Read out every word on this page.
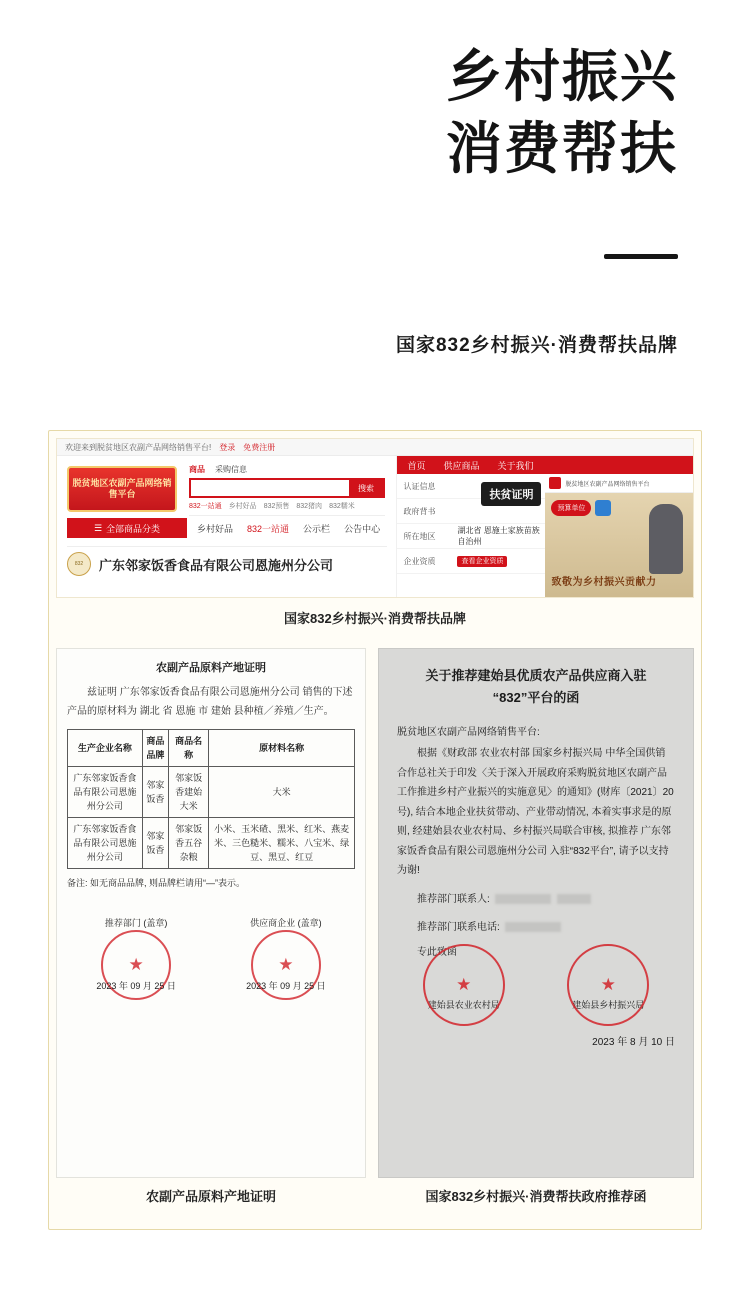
乡村振兴
消费帮扶
国家832乡村振兴·消费帮扶品牌
欢迎来到脱贫地区农副产品网络销售平台! 登录 免费注册
脱贫地区农副产品网络销售平台
商品 采购信息
搜索
832一站通 乡村好品 832预售 832猪肉 832糯米
☰ 全部商品分类	乡村好品 832一站通 公示栏 公告中心
832	广东邻家饭香食品有限公司恩施州分公司
首页 供应商品 关于我们
认证信息
政府背书
所在地区
湖北省 恩施土家族苗族自治州
企业资质	查看企业资质
扶贫证明
脱贫地区农副产品网络销售平台
预算单位
致敬为乡村振兴贡献力
国家832乡村振兴·消费帮扶品牌
农副产品原料产地证明
兹证明 广东邻家饭香食品有限公司恩施州分公司 销售的下述产品的原材料为 湖北 省 恩施 市 建始 县种植／养殖／生产。
生产企业名称	商品品牌	商品名称	原材料名称
广东邻家饭香食品有限公司恩施州分公司	邻家饭香	邻家饭香建始大米	大米
广东邻家饭香食品有限公司恩施州分公司	邻家饭香	邻家饭香五谷杂粮	小米、玉米碴、黑米、红米、燕麦米、三色糙米、糯米、八宝米、绿豆、黑豆、红豆
备注: 如无商品品牌, 则品牌栏请用“—”表示。
推荐部门 (盖章)
★
2023 年 09 月 25 日
供应商企业 (盖章)
★
2023 年 09 月 25 日
农副产品原料产地证明
关于推荐建始县优质农产品供应商入驻
“832”平台的函
脱贫地区农副产品网络销售平台:
根据《财政部 农业农村部 国家乡村振兴局 中华全国供销合作总社关于印发〈关于深入开展政府采购脱贫地区农副产品工作推进乡村产业振兴的实施意见〉的通知》(财库〔2021〕20 号), 结合本地企业扶贫带动、产业带动情况, 本着实事求是的原则, 经建始县农业农村局、乡村振兴局联合审核, 拟推荐 广东邻家饭香食品有限公司恩施州分公司 入驻“832平台”, 请予以支持为谢!
推荐部门联系人:
推荐部门联系电话:
专此致函
★
建始县农业农村局
★
建始县乡村振兴局
2023 年 8 月 10 日
国家832乡村振兴·消费帮扶政府推荐函
